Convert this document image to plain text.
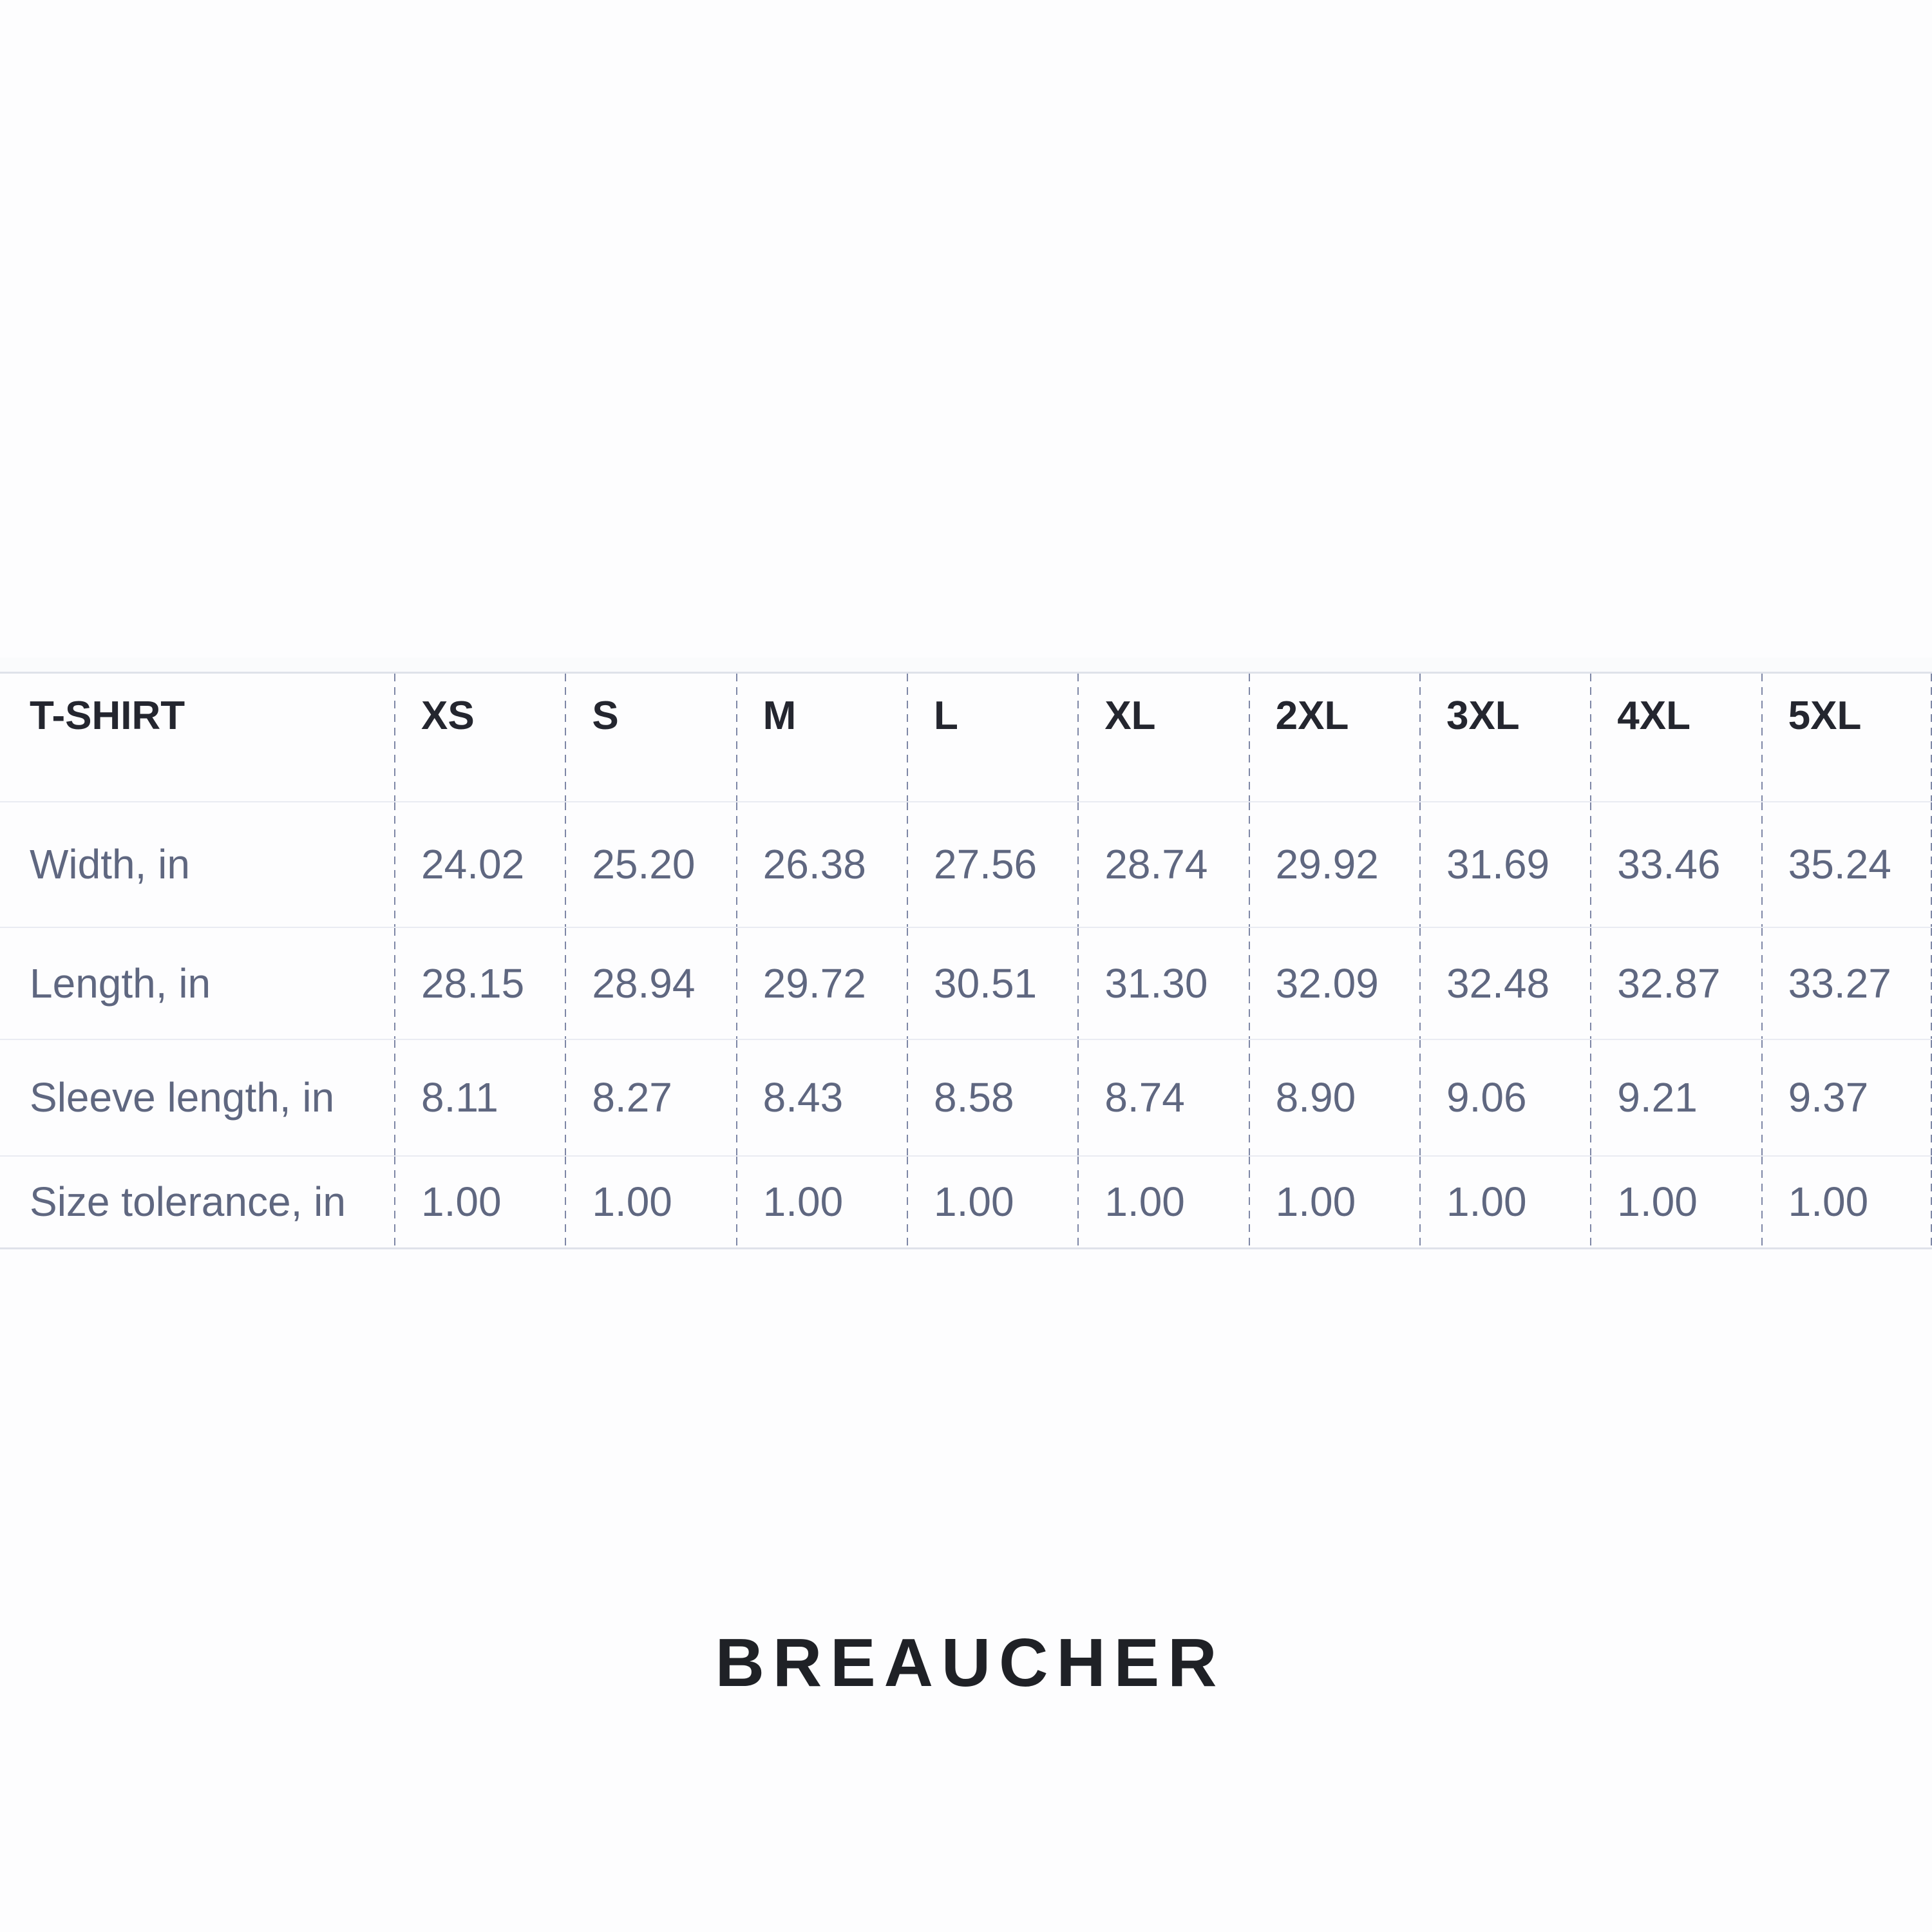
T-SHIRT	XS	S	M	L	XL	2XL	3XL	4XL	5XL
Width, in	24.02	25.20	26.38	27.56	28.74	29.92	31.69	33.46	35.24
Length, in	28.15	28.94	29.72	30.51	31.30	32.09	32.48	32.87	33.27
Sleeve length, in	8.11	8.27	8.43	8.58	8.74	8.90	9.06	9.21	9.37
Size tolerance, in	1.00	1.00	1.00	1.00	1.00	1.00	1.00	1.00	1.00
BREAUCHER
